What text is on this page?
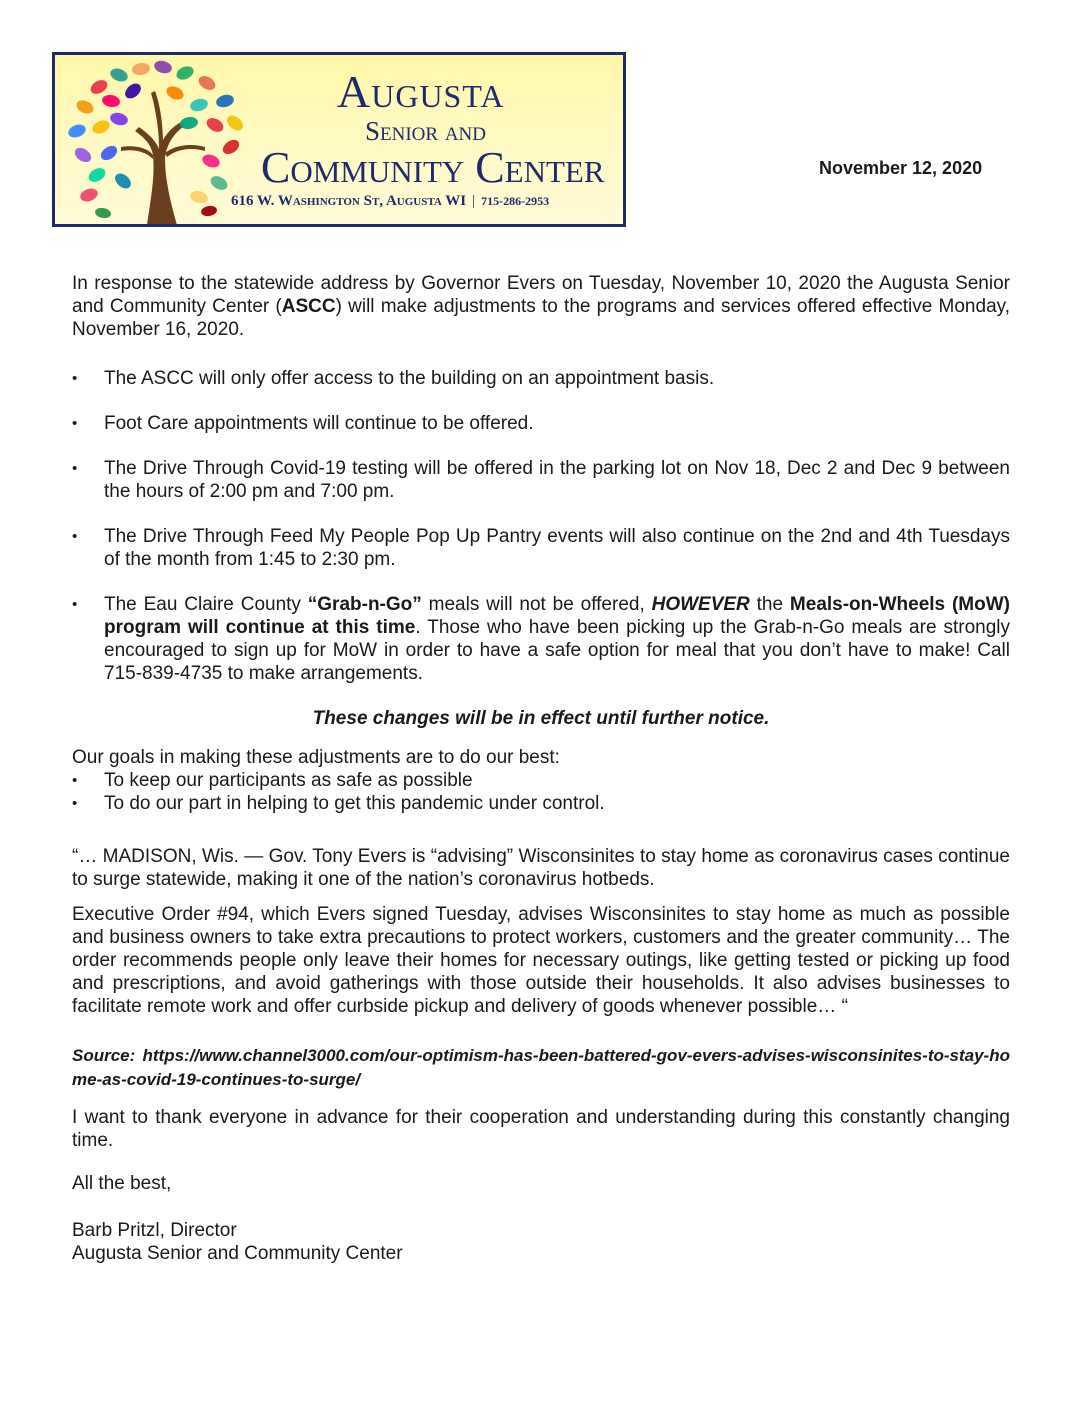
Augusta
Senior and
Community Center
616 W. Washington St, Augusta WI | 715-286-2953
November 12, 2020

In response to the statewide address by Governor Evers on Tuesday, November 10, 2020 the Augusta Senior and Community Center (ASCC) will make adjustments to the programs and services offered effective Monday, November 16, 2020.

• The ASCC will only offer access to the building on an appointment basis.
• Foot Care appointments will continue to be offered.
• The Drive Through Covid-19 testing will be offered in the parking lot on Nov 18, Dec 2 and Dec 9 between the hours of 2:00 pm and 7:00 pm.
• The Drive Through Feed My People Pop Up Pantry events will also continue on the 2nd and 4th Tuesdays of the month from 1:45 to 2:30 pm.
• The Eau Claire County “Grab-n-Go” meals will not be offered, HOWEVER the Meals-on-Wheels (MoW) program will continue at this time. Those who have been picking up the Grab-n-Go meals are strongly encouraged to sign up for MoW in order to have a safe option for meal that you don’t have to make! Call 715-839-4735 to make arrangements.

These changes will be in effect until further notice.

Our goals in making these adjustments are to do our best:

• To keep our participants as safe as possible
• To do our part in helping to get this pandemic under control.

“… MADISON, Wis. — Gov. Tony Evers is “advising” Wisconsinites to stay home as coronavirus cases continue to surge statewide, making it one of the nation’s coronavirus hotbeds.

Executive Order #94, which Evers signed Tuesday, advises Wisconsinites to stay home as much as possible and business owners to take extra precautions to protect workers, customers and the greater community… The order recommends people only leave their homes for necessary outings, like getting tested or picking up food and prescriptions, and avoid gatherings with those outside their households. It also advises businesses to facilitate remote work and offer curbside pickup and delivery of goods whenever possible… “

Source: https://www.channel3000.com/our-optimism-has-been-battered-gov-evers-advises-wisconsinites-to-stay-home-as-covid-19-continues-to-surge/

I want to thank everyone in advance for their cooperation and understanding during this constantly changing time.

All the best,

Barb Pritzl, Director

Augusta Senior and Community Center
